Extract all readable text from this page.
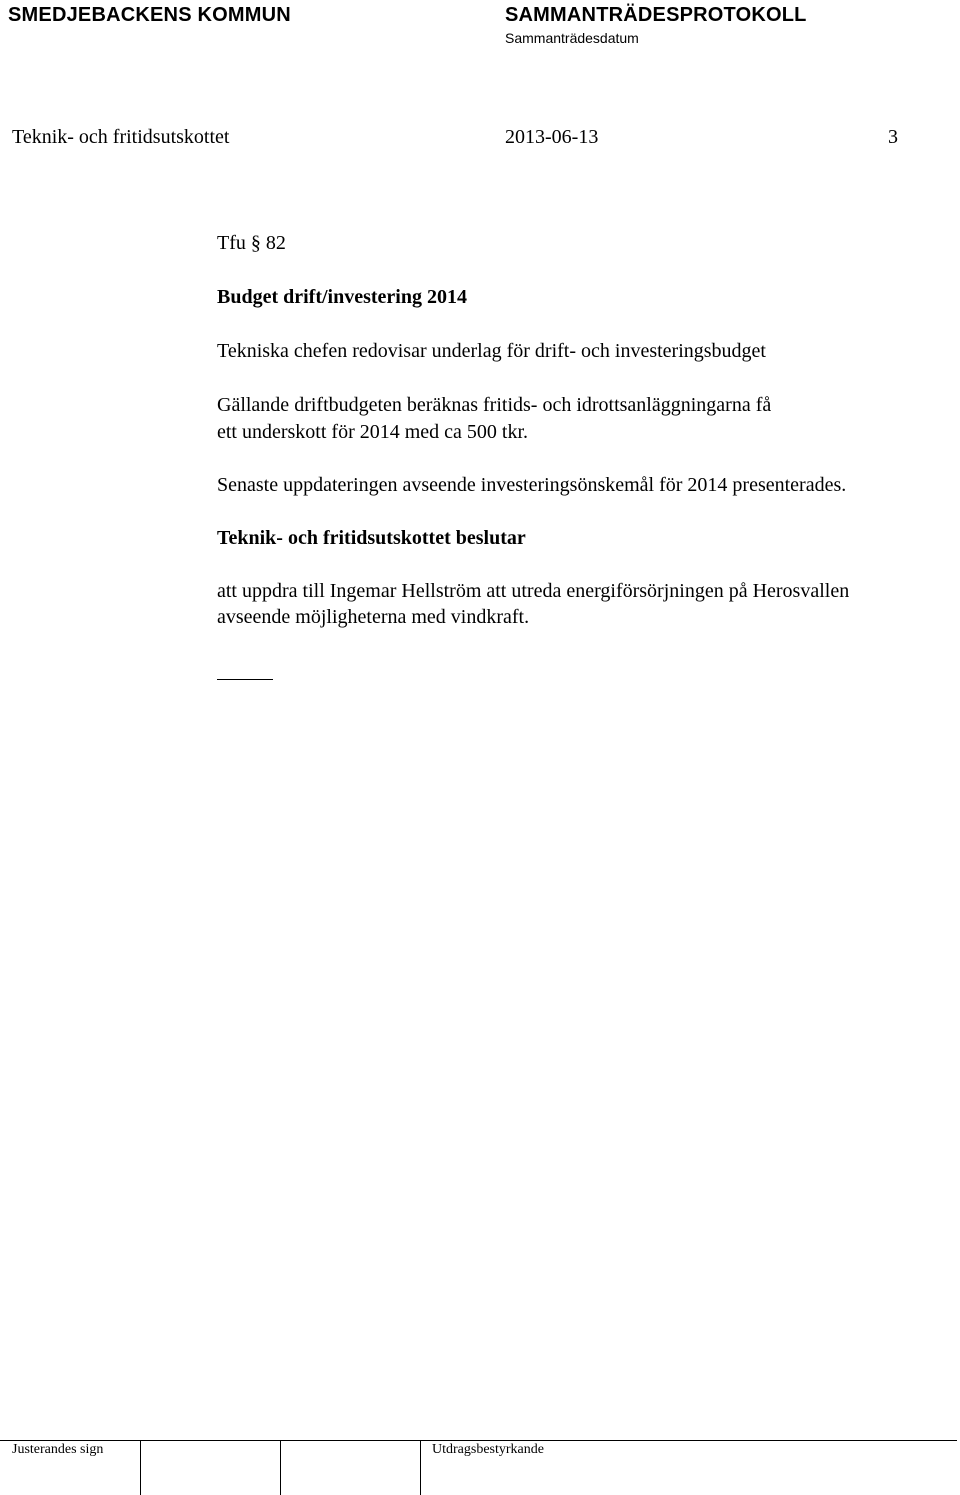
SMEDJEBACKENS KOMMUN	SAMMANTRÄDESPROTOKOLL
Sammanträdesdatum
Teknik- och fritidsutskottet	2013-06-13	3
Tfu § 82
Budget drift/investering 2014
Tekniska chefen redovisar underlag för drift- och investeringsbudget
Gällande driftbudgeten beräknas fritids- och idrottsanläggningarna få
ett underskott för 2014 med ca 500 tkr.
Senaste uppdateringen avseende investeringsönskemål för 2014 presenterades.
Teknik- och fritidsutskottet beslutar
att uppdra till Ingemar Hellström att utreda energiförsörjningen på Herosvallen
avseende möjligheterna med vindkraft.
Justerandes sign	Utdragsbestyrkande
